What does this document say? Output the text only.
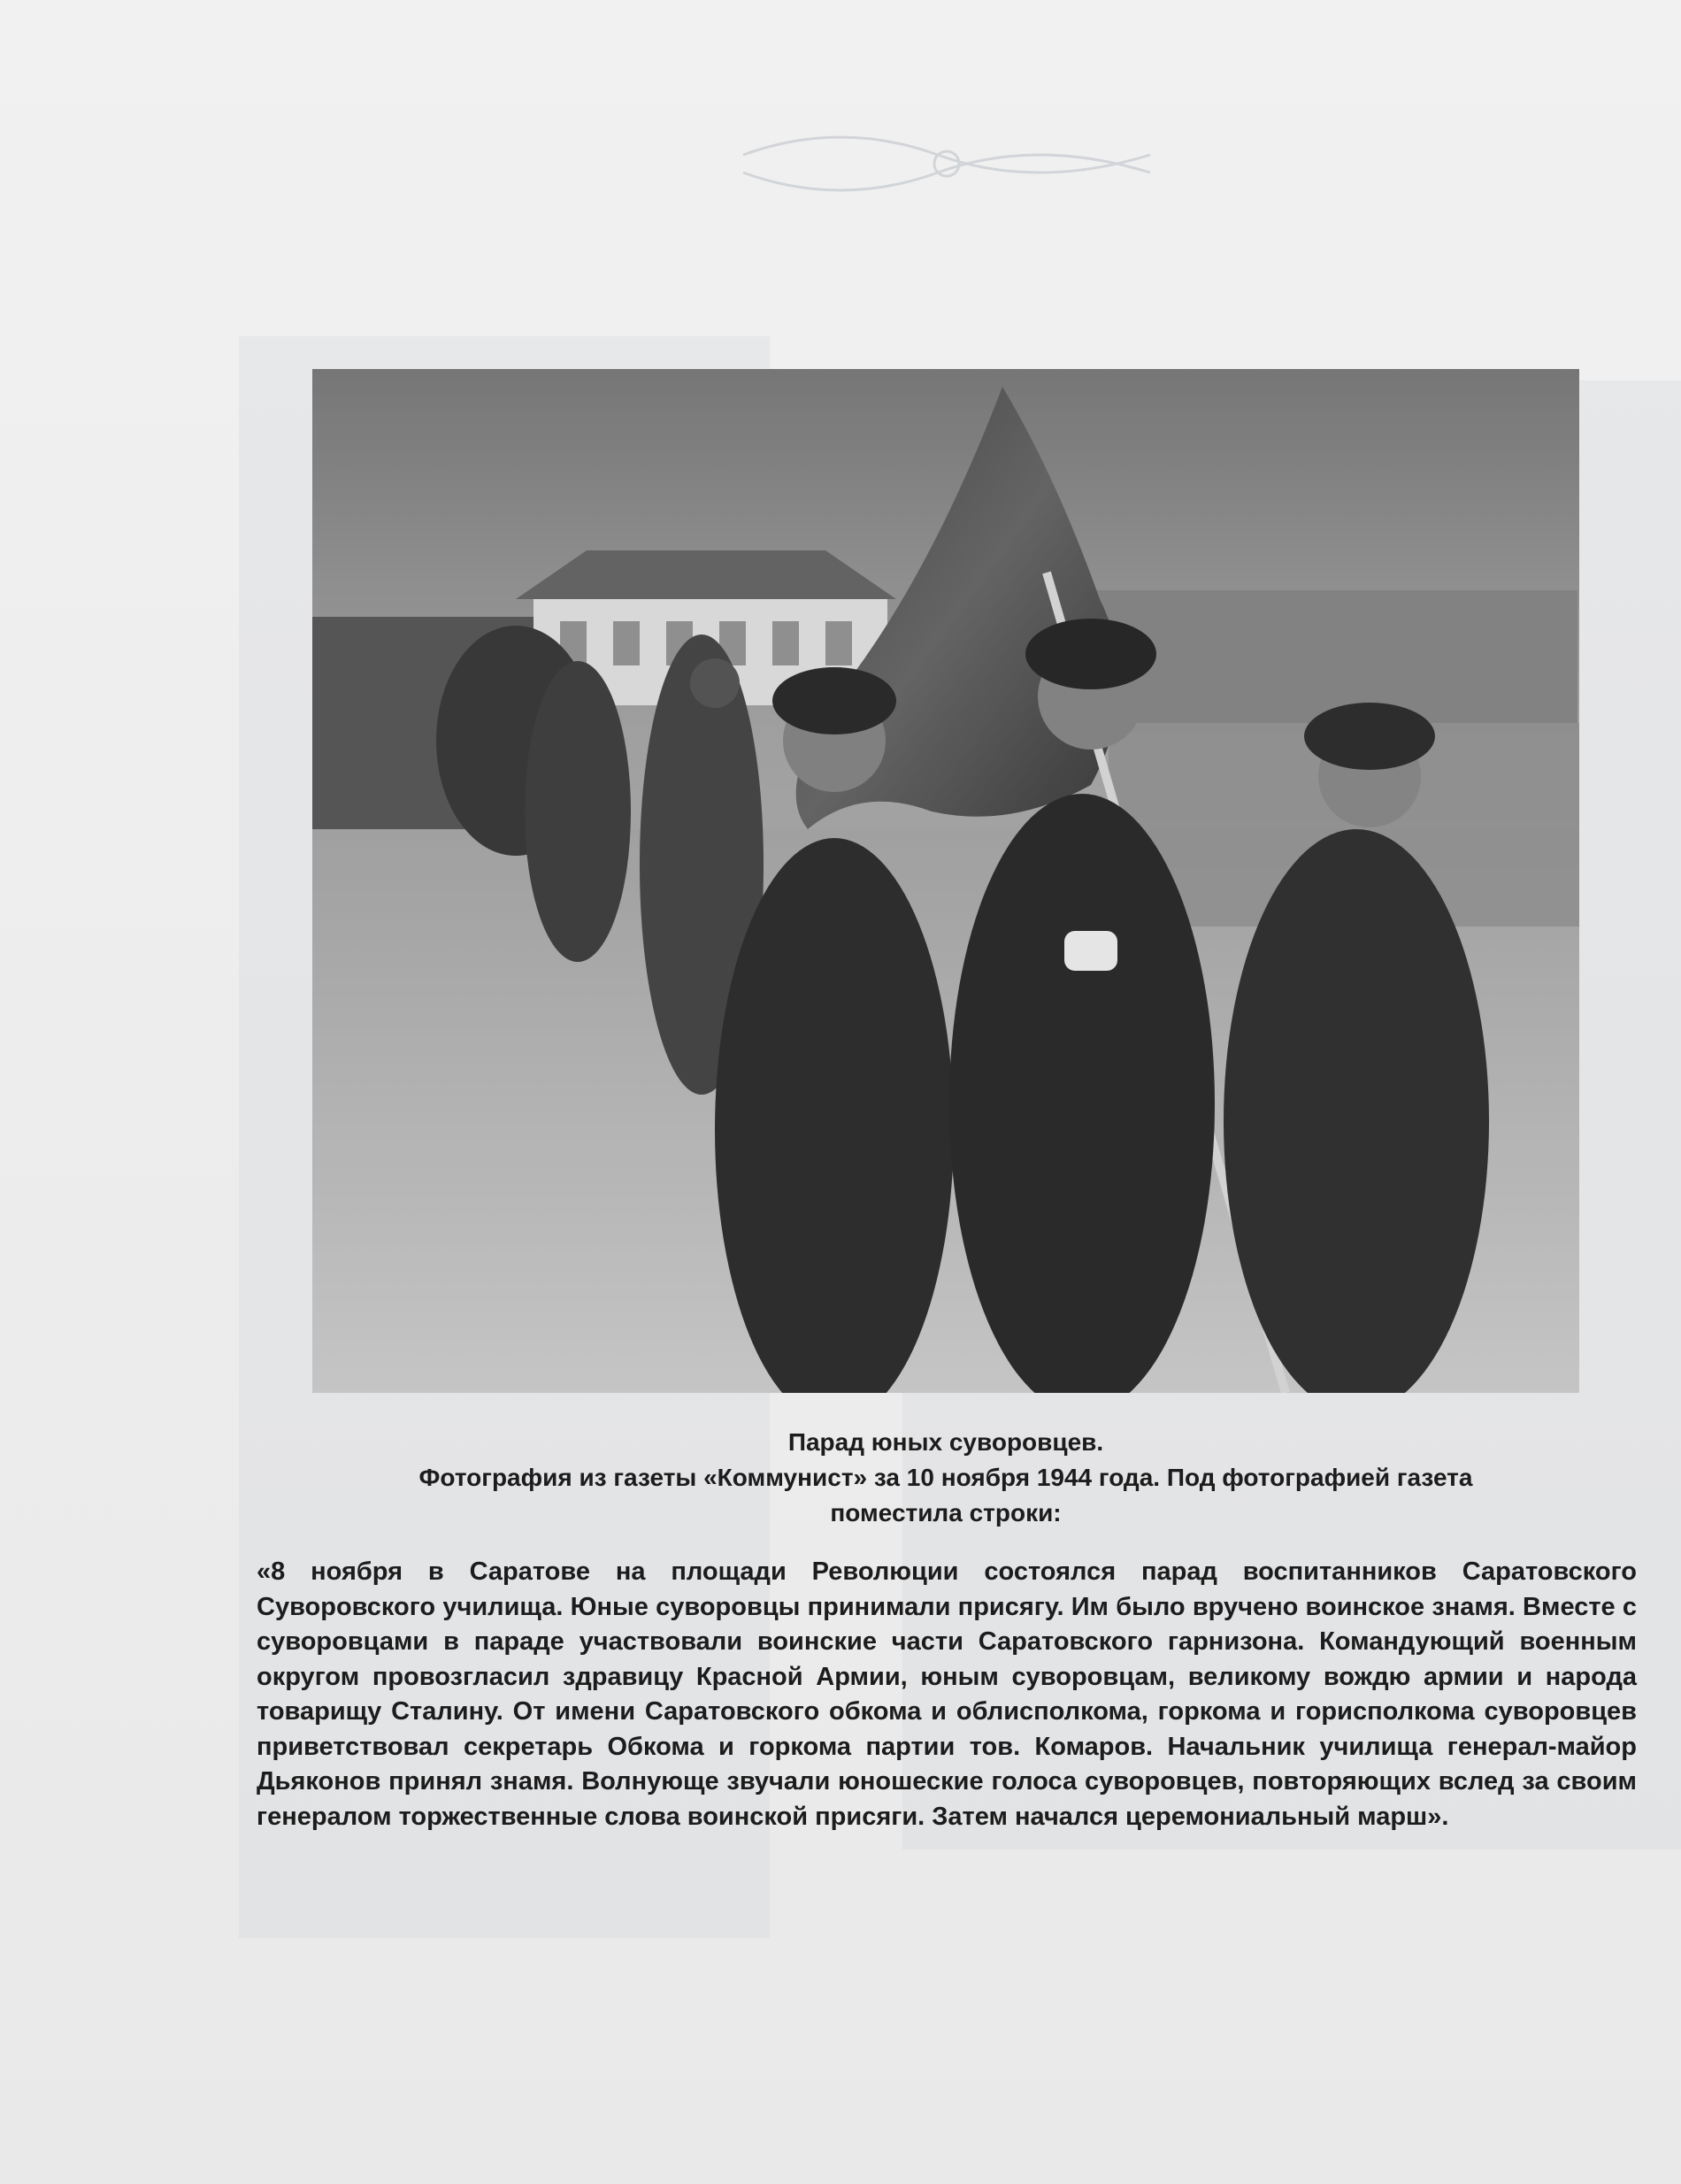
Парад юных суворовцев.
Фотография из газеты «Коммунист» за 10 ноября 1944 года. Под фотографией газета
поместила строки:

«8 ноября в Саратове на площади Революции состоялся парад воспитанников Саратовского Суворовского училища. Юные суворовцы принимали присягу. Им было вручено воинское знамя. Вместе с суворовцами в параде участвовали воинские части Саратовского гарнизона. Командующий военным округом провозгласил здравицу Красной Армии, юным суворовцам, великому вождю армии и народа товарищу Сталину. От имени Саратовского обкома и облисполкома, горкома и горисполкома суворовцев приветствовал секретарь Обкома и горкома партии тов. Комаров. Начальник училища генерал-майор Дьяконов принял знамя. Волнующе звучали юношеские голоса суворовцев, повторяющих вслед за своим генералом торжественные слова воинской присяги. Затем начался церемониальный марш».
